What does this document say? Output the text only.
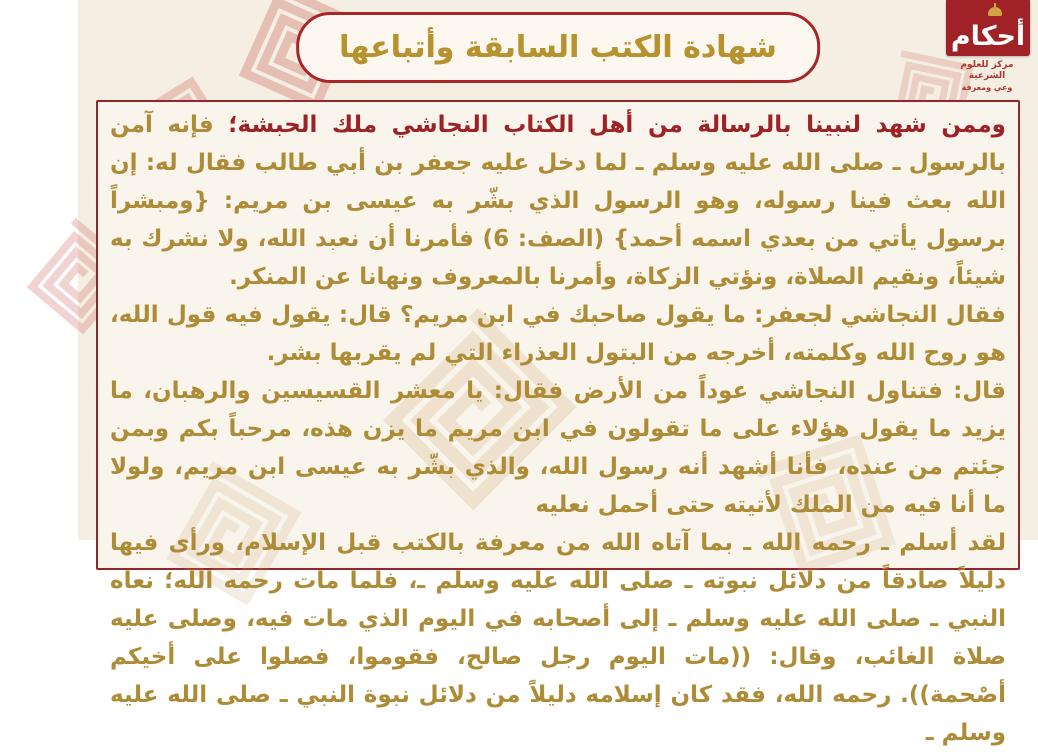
شهادة الكتب السابقة وأتباعها	أحكام
مركز للعلوم الشرعية
وعي ومعرفة

وممن شهد لنبينا بالرسالة من أهل الكتاب النجاشي ملك الحبشة؛ فإنه آمن بالرسول ـ صلى الله عليه وسلم ـ لما دخل عليه جعفر بن أبي طالب فقال له: إن الله بعث فينا رسوله، وهو الرسول الذي بشّر به عيسى بن مريم: {ومبشراً برسول يأتي من بعدي اسمه أحمد} (الصف: 6) فأمرنا أن نعبد الله، ولا نشرك به شيئاً، ونقيم الصلاة، ونؤتي الزكاة، وأمرنا بالمعروف ونهانا عن المنكر.

فقال النجاشي لجعفر: ما يقول صاحبك في ابن مريم؟ قال: يقول فيه قول الله، هو روح الله وكلمته، أخرجه من البتول العذراء التي لم يقربها بشر.

قال: فتناول النجاشي عوداً من الأرض فقال: يا معشر القسيسين والرهبان، ما يزيد ما يقول هؤلاء على ما تقولون في ابن مريم ما يزن هذه، مرحباً بكم وبمن جئتم من عنده، فأنا أشهد أنه رسول الله، والذي بشّر به عيسى ابن مريم، ولولا ما أنا فيه من الملك لأتيته حتى أحمل نعليه

لقد أسلم ـ رحمه الله ـ بما آتاه الله من معرفة بالكتب قبل الإسلام، ورأى فيها دليلاً صادقاً من دلائل نبوته ـ صلى الله عليه وسلم ـ، فلما مات رحمه الله؛ نعاه النبي ـ صلى الله عليه وسلم ـ إلى أصحابه في اليوم الذي مات فيه، وصلى عليه صلاة الغائب، وقال: ((مات اليوم رجل صالح، فقوموا، فصلوا على أخيكم أصْحمة)). رحمه الله، فقد كان إسلامه دليلاً من دلائل نبوة النبي ـ صلى الله عليه وسلم ـ
